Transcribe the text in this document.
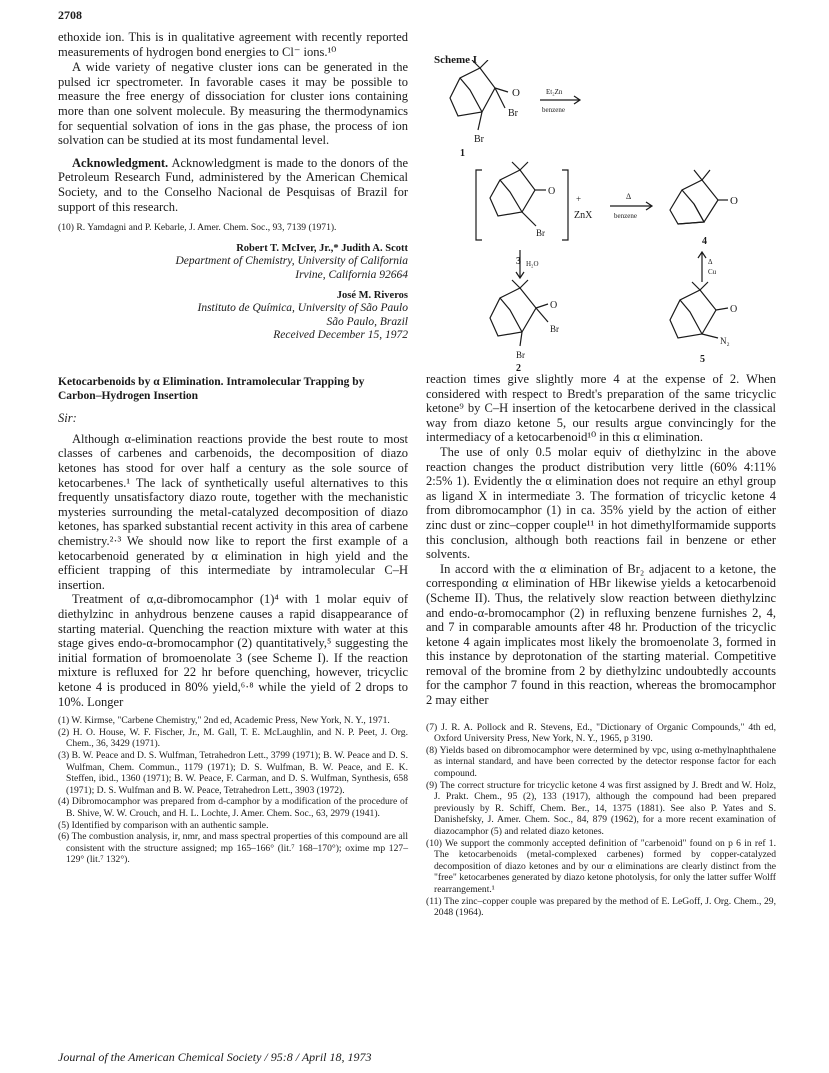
2708

ethoxide ion. This is in qualitative agreement with recently reported measurements of hydrogen bond energies to Cl⁻ ions.¹⁰

A wide variety of negative cluster ions can be generated in the pulsed icr spectrometer. In favorable cases it may be possible to measure the free energy of dissociation for cluster ions containing more than one solvent molecule. By measuring the thermodynamics for sequential solvation of ions in the gas phase, the process of ion solvation can be studied at its most fundamental level.

Acknowledgment. Acknowledgment is made to the donors of the Petroleum Research Fund, administered by the American Chemical Society, and to the Conselho Nacional de Pesquisas of Brazil for support of this research.

(10) R. Yamdagni and P. Kebarle, J. Amer. Chem. Soc., 93, 7139 (1971).

Robert T. McIver, Jr.,* Judith A. Scott
Department of Chemistry, University of California
Irvine, California 92664
José M. Riveros
Instituto de Química, University of São Paulo
São Paulo, Brazil
Received December 15, 1972
Ketocarbenoids by α Elimination. Intramolecular Trapping by Carbon–Hydrogen Insertion
Sir:

Although α-elimination reactions provide the best route to most classes of carbenes and carbenoids, the decomposition of diazo ketones has stood for over half a century as the sole source of ketocarbenes.¹ The lack of synthetically useful alternatives to this frequently unsatisfactory diazo route, together with the mechanistic mysteries surrounding the metal-catalyzed decomposition of diazo ketones, has sparked substantial recent activity in this area of carbene chemistry.²·³ We should now like to report the first example of a ketocarbenoid generated by α elimination in high yield and the efficient trapping of this intermediate by intramolecular C–H insertion.

Treatment of α,α-dibromocamphor (1)⁴ with 1 molar equiv of diethylzinc in anhydrous benzene causes a rapid disappearance of starting material. Quenching the reaction mixture with water at this stage gives endo-α-bromocamphor (2) quantitatively,⁵ suggesting the initial formation of bromoenolate 3 (see Scheme I). If the reaction mixture is refluxed for 22 hr before quenching, however, tricyclic ketone 4 is produced in 80% yield,⁶·⁸ while the yield of 2 drops to 10%. Longer

(1) W. Kirmse, "Carbene Chemistry," 2nd ed, Academic Press, New York, N. Y., 1971.

(2) H. O. House, W. F. Fischer, Jr., M. Gall, T. E. McLaughlin, and N. P. Peet, J. Org. Chem., 36, 3429 (1971).

(3) B. W. Peace and D. S. Wulfman, Tetrahedron Lett., 3799 (1971); B. W. Peace and D. S. Wulfman, Chem. Commun., 1179 (1971); D. S. Wulfman, B. W. Peace, and E. K. Steffen, ibid., 1360 (1971); B. W. Peace, F. Carman, and D. S. Wulfman, Synthesis, 658 (1971); D. S. Wulfman and B. W. Peace, Tetrahedron Lett., 3903 (1972).

(4) Dibromocamphor was prepared from d-camphor by a modification of the procedure of B. Shive, W. W. Crouch, and H. L. Lochte, J. Amer. Chem. Soc., 63, 2979 (1941).

(5) Identified by comparison with an authentic sample.

(6) The combustion analysis, ir, nmr, and mass spectral properties of this compound are all consistent with the structure assigned; mp 165–166° (lit.⁷ 168–170°); oxime mp 127–129° (lit.⁷ 132°).

Scheme I
O
Br
Br
1
Et₂Zn
benzene
O
Br
+
ZnX
3
Δ
benzene
O
4
H₂O	Δ
Cu
O
Br
Br
2
O
N₂
5

reaction times give slightly more 4 at the expense of 2. When considered with respect to Bredt's preparation of the same tricyclic ketone⁹ by C–H insertion of the ketocarbene derived in the classical way from diazo ketone 5, our results argue convincingly for the intermediacy of a ketocarbenoid¹⁰ in this α elimination.

The use of only 0.5 molar equiv of diethylzinc in the above reaction changes the product distribution very little (60% 4:11% 2:5% 1). Evidently the α elimination does not require an ethyl group as ligand X in intermediate 3. The formation of tricyclic ketone 4 from dibromocamphor (1) in ca. 35% yield by the action of either zinc dust or zinc–copper couple¹¹ in hot dimethylformamide supports this conclusion, although both reactions fail in benzene or ether solvents.

In accord with the α elimination of Br₂ adjacent to a ketone, the corresponding α elimination of HBr likewise yields a ketocarbenoid (Scheme II). Thus, the relatively slow reaction between diethylzinc and endo-α-bromocamphor (2) in refluxing benzene furnishes 2, 4, and 7 in comparable amounts after 48 hr. Production of the tricyclic ketone 4 again implicates most likely the bromoenolate 3, formed in this instance by deprotonation of the starting material. Competitive removal of the bromine from 2 by diethylzinc undoubtedly accounts for the camphor 7 found in this reaction, whereas the bromocamphor 2 may either

(7) J. R. A. Pollock and R. Stevens, Ed., "Dictionary of Organic Compounds," 4th ed, Oxford University Press, New York, N. Y., 1965, p 3190.

(8) Yields based on dibromocamphor were determined by vpc, using α-methylnaphthalene as internal standard, and have been corrected by the detector response factor for each compound.

(9) The correct structure for tricyclic ketone 4 was first assigned by J. Bredt and W. Holz, J. Prakt. Chem., 95 (2), 133 (1917), although the compound had been prepared previously by R. Schiff, Chem. Ber., 14, 1375 (1881). See also P. Yates and S. Danishefsky, J. Amer. Chem. Soc., 84, 879 (1962), for a more recent examination of diazocamphor (5) and related diazo ketones.

(10) We support the commonly accepted definition of "carbenoid" found on p 6 in ref 1. The ketocarbenoids (metal-complexed carbenes) formed by copper-catalyzed decomposition of diazo ketones and by our α eliminations are clearly distinct from the "free" ketocarbenes generated by diazo ketone photolysis, for only the latter suffer Wolff rearrangement.¹

(11) The zinc–copper couple was prepared by the method of E. LeGoff, J. Org. Chem., 29, 2048 (1964).

Journal of the American Chemical Society / 95:8 / April 18, 1973
